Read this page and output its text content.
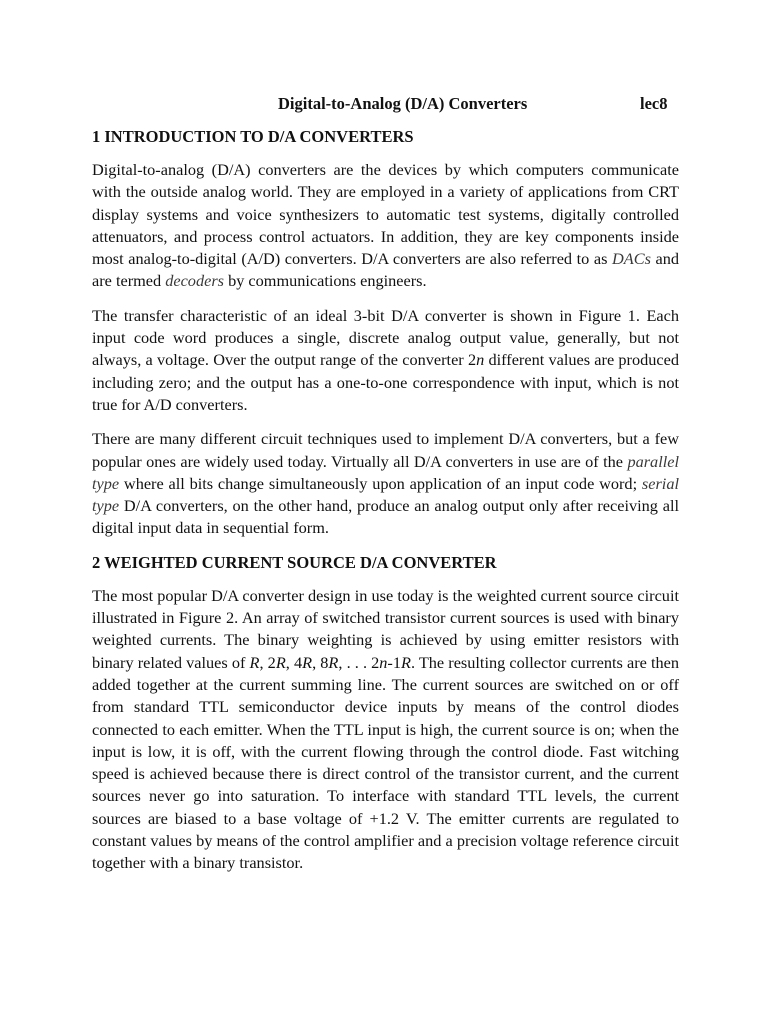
Digital-to-Analog (D/A) Converters	lec8
1 INTRODUCTION TO D/A CONVERTERS

Digital-to-analog (D/A) converters are the devices by which computers communicate with the outside analog world. They are employed in a variety of applications from CRT display systems and voice synthesizers to automatic test systems, digitally controlled attenuators, and process control actuators. In addition, they are key components inside most analog-to-digital (A/D) converters. D/A converters are also referred to as DACs and are termed decoders by communications engineers.

The transfer characteristic of an ideal 3-bit D/A converter is shown in Figure 1. Each input code word produces a single, discrete analog output value, generally, but not always, a voltage. Over the output range of the converter 2n different values are produced including zero; and the output has a one-to-one correspondence with input, which is not true for A/D converters.

There are many different circuit techniques used to implement D/A converters, but a few popular ones are widely used today. Virtually all D/A converters in use are of the parallel type where all bits change simultaneously upon application of an input code word; serial type D/A converters, on the other hand, produce an analog output only after receiving all digital input data in sequential form.

2 WEIGHTED CURRENT SOURCE D/A CONVERTER

The most popular D/A converter design in use today is the weighted current source circuit illustrated in Figure 2. An array of switched transistor current sources is used with binary weighted currents. The binary weighting is achieved by using emitter resistors with binary related values of R, 2R, 4R, 8R, . . . 2n-1R. The resulting collector currents are then added together at the current summing line. The current sources are switched on or off from standard TTL semiconductor device inputs by means of the control diodes connected to each emitter. When the TTL input is high, the current source is on; when the input is low, it is off, with the current flowing through the control diode. Fast witching speed is achieved because there is direct control of the transistor current, and the current sources never go into saturation. To interface with standard TTL levels, the current sources are biased to a base voltage of +1.2 V. The emitter currents are regulated to constant values by means of the control amplifier and a precision voltage reference circuit together with a binary transistor.
